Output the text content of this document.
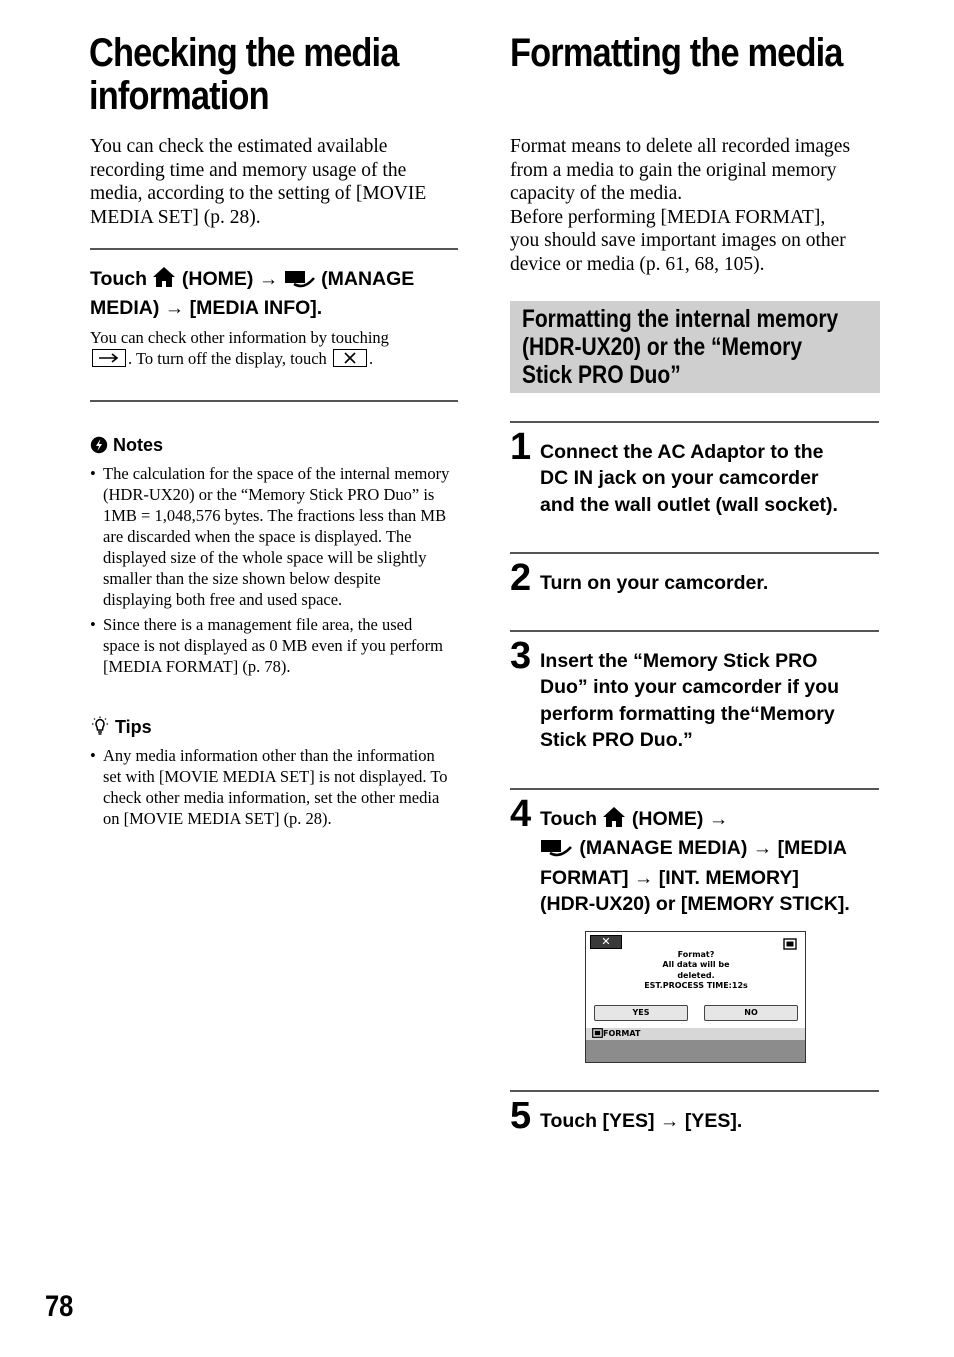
Checking the media
information
You can check the estimated available
recording time and memory usage of the
media, according to the setting of [MOVIE
MEDIA SET] (p. 28).
Touch (HOME) → (MANAGE
MEDIA) → [MEDIA INFO].
You can check other information by touching
. To turn off the display, touch	.
Notes
• The calculation for the space of the internal memory (HDR-UX20) or the “Memory Stick PRO Duo” is 1MB = 1,048,576 bytes. The fractions less than MB are discarded when the space is displayed. The displayed size of the whole space will be slightly smaller than the size shown below despite displaying both free and used space.
• Since there is a management file area, the used space is not displayed as 0 MB even if you perform [MEDIA FORMAT] (p. 78).
Tips
• Any media information other than the information set with [MOVIE MEDIA SET] is not displayed. To check other media information, set the other media on [MOVIE MEDIA SET] (p. 28).
Formatting the media
Format means to delete all recorded images
from a media to gain the original memory
capacity of the media.
Before performing [MEDIA FORMAT],
you should save important images on other
device or media (p. 61, 68, 105).
Formatting the internal memory
(HDR-UX20) or the “Memory
Stick PRO Duo”
1 Connect the AC Adaptor to the
DC IN jack on your camcorder
and the wall outlet (wall socket).
2 Turn on your camcorder.
3 Insert the “Memory Stick PRO
Duo” into your camcorder if you
perform formatting the“Memory
Stick PRO Duo.”
4 Touch (HOME) →
(MANAGE MEDIA) → [MEDIA
FORMAT] → [INT. MEMORY]
(HDR-UX20) or [MEMORY STICK].
✕
Format?
All data will be
deleted.
EST.PROCESS TIME:12s
YES	NO
FORMAT
5 Touch [YES] → [YES].
78
